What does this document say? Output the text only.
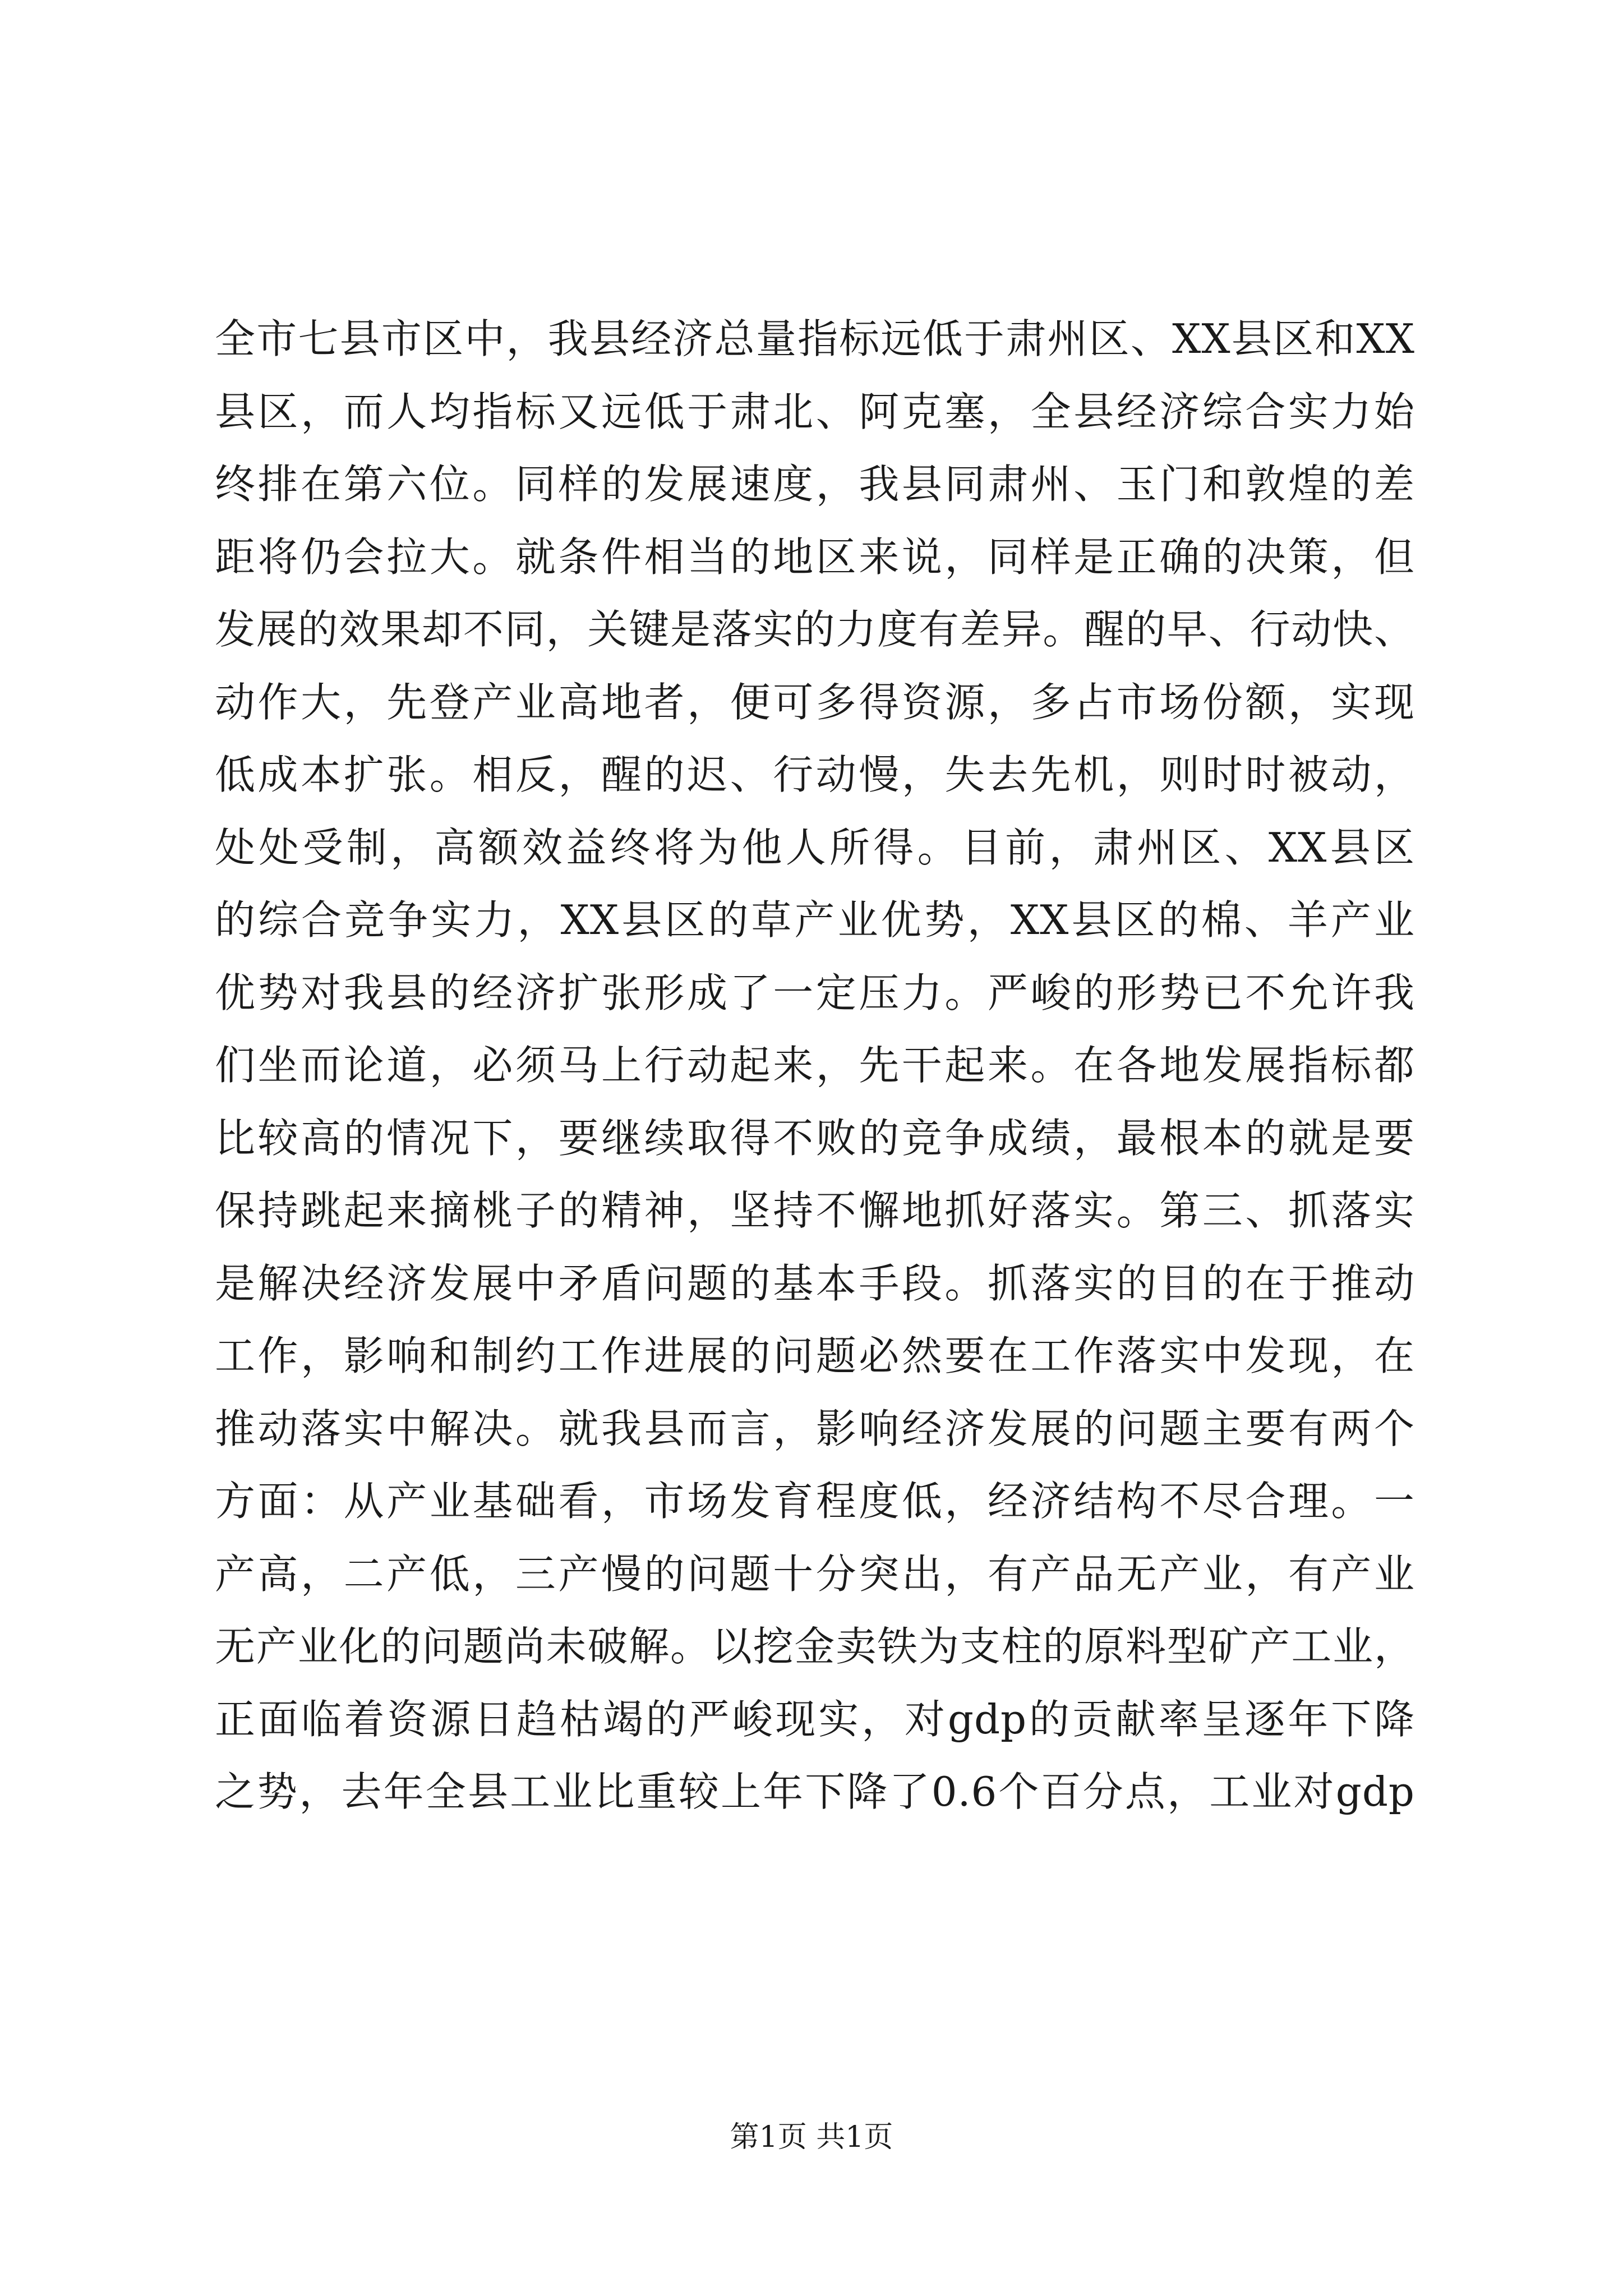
全市七县市区中，我县经济总量指标远低于肃州区、XX县区和XX
县区，而人均指标又远低于肃北、阿克塞，全县经济综合实力始
终排在第六位。同样的发展速度，我县同肃州、玉门和敦煌的差
距将仍会拉大。就条件相当的地区来说，同样是正确的决策，但
发展的效果却不同，关键是落实的力度有差异。醒的早、行动快、
动作大，先登产业高地者，便可多得资源，多占市场份额，实现
低成本扩张。相反，醒的迟、行动慢，失去先机，则时时被动，
处处受制，高额效益终将为他人所得。目前，肃州区、XX县区
的综合竞争实力，XX县区的草产业优势，XX县区的棉、羊产业
优势对我县的经济扩张形成了一定压力。严峻的形势已不允许我
们坐而论道，必须马上行动起来，先干起来。在各地发展指标都
比较高的情况下，要继续取得不败的竞争成绩，最根本的就是要
保持跳起来摘桃子的精神，坚持不懈地抓好落实。第三、抓落实
是解决经济发展中矛盾问题的基本手段。抓落实的目的在于推动
工作，影响和制约工作进展的问题必然要在工作落实中发现，在
推动落实中解决。就我县而言，影响经济发展的问题主要有两个
方面：从产业基础看，市场发育程度低，经济结构不尽合理。一
产高，二产低，三产慢的问题十分突出，有产品无产业，有产业
无产业化的问题尚未破解。以挖金卖铁为支柱的原料型矿产工业，
正面临着资源日趋枯竭的严峻现实，对gdp的贡献率呈逐年下降
之势，去年全县工业比重较上年下降了0.6个百分点，工业对gdp
第1页 共1页
